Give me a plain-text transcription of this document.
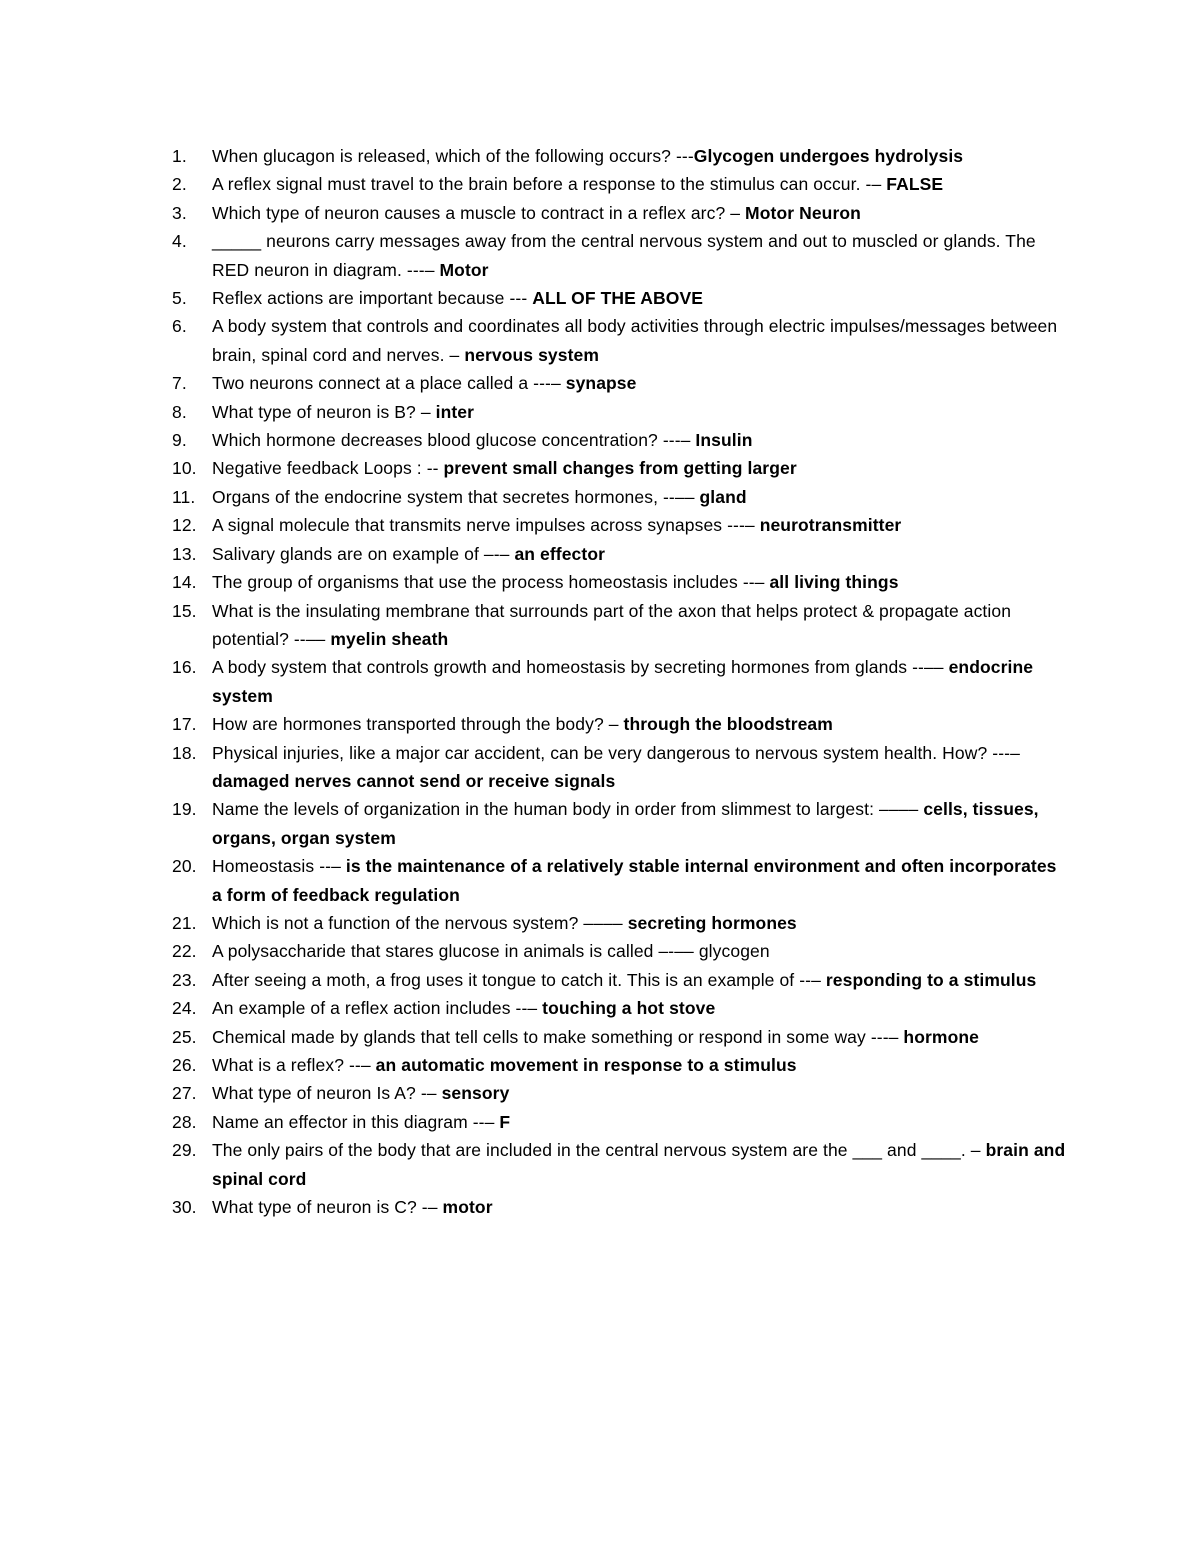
1.	When glucagon is released, which of the following occurs? ---Glycogen undergoes hydrolysis
2.	A reflex signal must travel to the brain before a response to the stimulus can occur. -– FALSE
3.	Which type of neuron causes a muscle to contract in a reflex arc? – Motor Neuron
4.	_____ neurons carry messages away from the central nervous system and out to muscled or glands. The RED neuron in diagram. ---– Motor
5.	Reflex actions are important because --- ALL OF THE ABOVE
6.	A body system that controls and coordinates all body activities through electric impulses/messages between brain, spinal cord and nerves. – nervous system
7.	Two neurons connect at a place called a ---– synapse
8.	What type of neuron is B? – inter
9.	Which hormone decreases blood glucose concentration? ---– Insulin
10. Negative feedback Loops : -- prevent small changes from getting larger
11. Organs of the endocrine system that secretes hormones, --–– gland
12. A signal molecule that transmits nerve impulses across synapses ---– neurotransmitter
13. Salivary glands are on example of –-– an effector
14. The group of organisms that use the process homeostasis includes --– all living things
15. What is the insulating membrane that surrounds part of the axon that helps protect & propagate action potential? --–– myelin sheath
16. A body system that controls growth and homeostasis by secreting hormones from glands --–– endocrine system
17. How are hormones transported through the body? – through the bloodstream
18. Physical injuries, like a major car accident, can be very dangerous to nervous system health. How? ---– damaged nerves cannot send or receive signals
19. Name the levels of organization in the human body in order from slimmest to largest: –––– cells, tissues, organs, organ system
20. Homeostasis --– is the maintenance of a relatively stable internal environment and often incorporates a form of feedback regulation
21. Which is not a function of the nervous system? –––– secreting hormones
22. A polysaccharide that stares glucose in animals is called –-–– glycogen
23. After seeing a moth, a frog uses it tongue to catch it. This is an example of --– responding to a stimulus
24. An example of a reflex action includes --– touching a hot stove
25. Chemical made by glands that tell cells to make something or respond in some way ---– hormone
26. What is a reflex? --– an automatic movement in response to a stimulus
27. What type of neuron Is A? -– sensory
28. Name an effector in this diagram --– F
29. The only pairs of the body that are included in the central nervous system are the ___ and ____. – brain and spinal cord
30. What type of neuron is C? -– motor
